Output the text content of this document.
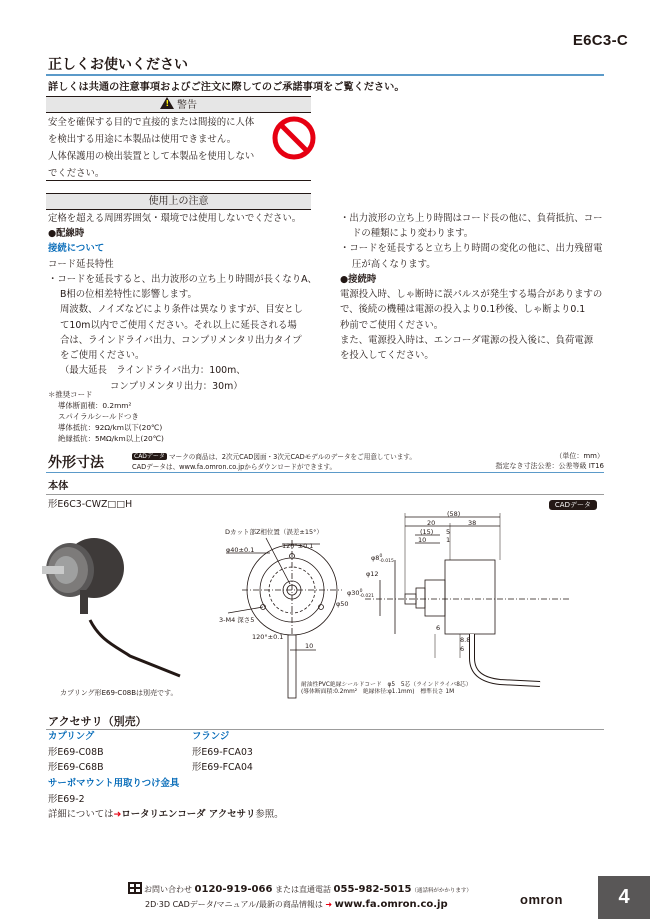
E6C3-C
正しくお使いください
詳しくは共通の注意事項およびご注文に際してのご承諾事項をご覧ください。
! 警告
安全を確保する目的で直接的または間接的に人体
を検出する用途に本製品は使用できません。
人体保護用の検出装置として本製品を使用しない
でください。
使用上の注意
定格を超える周囲雰囲気・環境では使用しないでください。
●配線時
接続について
コード延長特性
・コードを延長すると、出力波形の立ち上り時間が長くなりA、
B相の位相差特性に影響します。
周波数、ノイズなどにより条件は異なりますが、目安とし
て10m以内でご使用ください。それ以上に延長される場
合は、ラインドライバ出力、コンプリメンタリ出力タイプ
をご使用ください。
（最大延長　ラインドライバ出力：100m、
コンプリメンタリ出力：30m）
＊推奨コード
導体断面積：0.2mm²
スパイラルシールドつき
導体抵抗：92Ω/km以下(20℃)
絶縁抵抗：5MΩ/km以上(20℃)
・出力波形の立ち上り時間はコード長の他に、負荷抵抗、コー
ドの種類により変わります。
・コードを延長すると立ち上り時間の変化の他に、出力残留電
圧が高くなります。
●接続時
電源投入時、しゃ断時に誤パルスが発生する場合がありますの
で、後続の機種は電源の投入より0.1秒後、しゃ断より0.1
秒前でご使用ください。
また、電源投入時は、エンコーダ電源の投入後に、負荷電源
を投入してください。
外形寸法	CADデータ マークの商品は、2次元CAD図面・3次元CADモデルのデータをご用意しています。
CADデータは、www.fa.omron.co.jpからダウンロードができます。
（単位：mm）
指定なき寸法公差：公差等級 IT16
本体
形E6C3-CWZ□□H	CADデータ
Dカット部Z相位置（誤差±15°）
120°±0.1
φ40±0.1
3-M4 深さ5
120°±0.1
10
(58)
20	38
(15) 5
10	1
$\varphi 8^0$ -0.015
φ12
$\varphi 30^0$ -0.021
φ50
6
8.8
6
耐油性PVC絶縁シールドコード　φ5　5芯（ラインドライバ8芯）
(導体断面積:0.2mm²　絶縁体径:φ1.1mm)　標準長さ 1M
カプリング形E69-C08Bは別売です。
アクセサリ（別売）
カプリング
形E69-C08B
形E69-C68B
フランジ
形E69-FCA03
形E69-FCA04
サーボマウント用取りつけ金具
形E69-2
詳細については➜ロータリエンコーダ アクセサリ参照。
お問い合わせ 0120-919-066 または直通電話 055-982-5015（通話料がかかります）
2D·3D CADデータ/マニュアル/最新の商品情報は ➜ www.fa.omron.co.jp	omron	4
